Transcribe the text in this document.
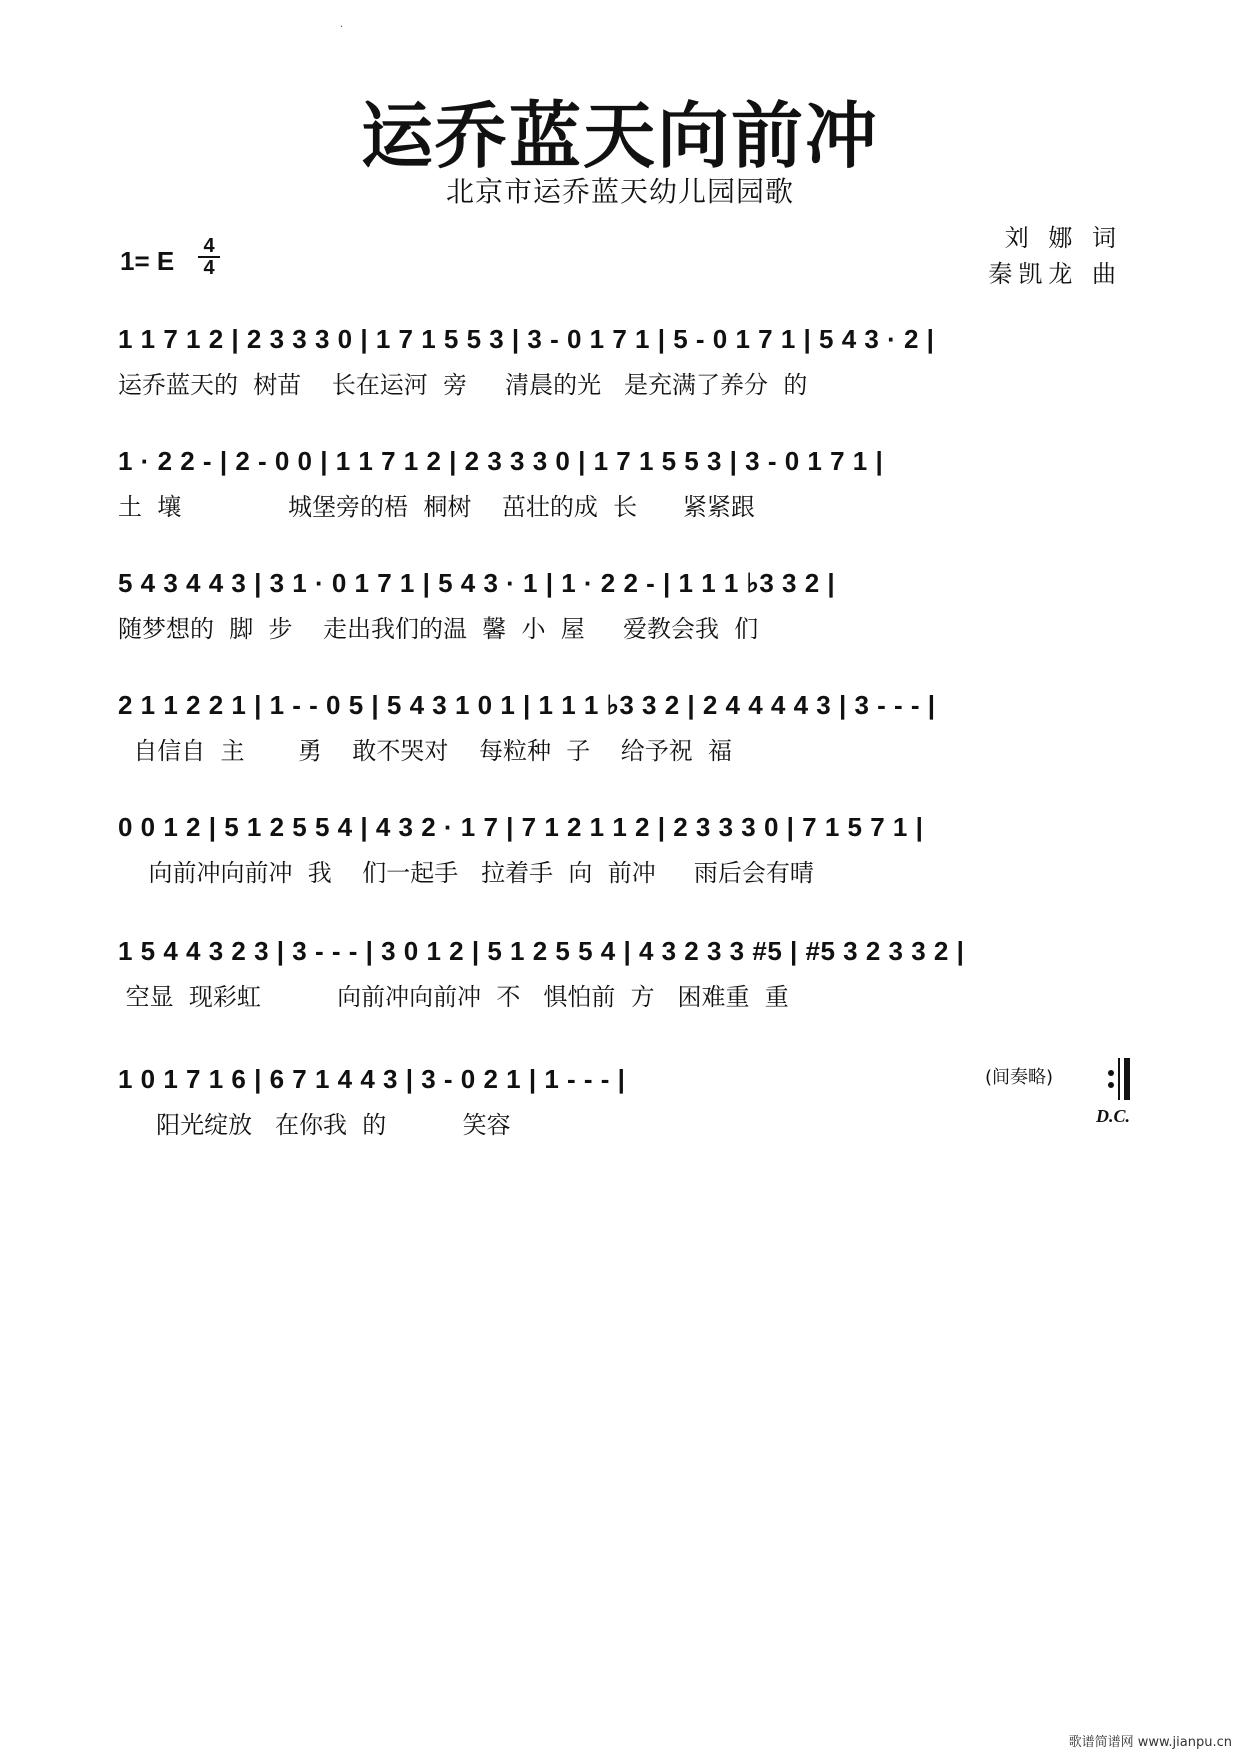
·
运乔蓝天向前冲
北京市运乔蓝天幼儿园园歌
刘 娜 词
秦凯龙 曲
1= E	4
4
1 1 7 1 2 | 2 3 3 3 0 | 1 7 1 5 5 3 | 3 - 0 1 7 1 | 5 - 0 1 7 1 | 5 4 3 · 2 |
运乔蓝天的  树苗    长在运河  旁     清晨的光   是充满了养分  的
1 · 2 2 - | 2 - 0 0 | 1 1 7 1 2 | 2 3 3 3 0 | 1 7 1 5 5 3 | 3 - 0 1 7 1 |
土  壤              城堡旁的梧  桐树    茁壮的成  长      紧紧跟
5 4 3 4 4 3 | 3 1 · 0 1 7 1 | 5 4 3 · 1 | 1 · 2 2 - | 1 1 1 ♭3 3 2 |
随梦想的  脚  步    走出我们的温  馨  小  屋     爱教会我  们
2 1 1 2 2 1 | 1 - - 0 5 | 5 4 3 1 0 1 | 1 1 1 ♭3 3 2 | 2 4 4 4 4 3 | 3 - - - |
自信自  主       勇    敢不哭对    每粒种  子    给予祝  福
0 0 1 2 | 5 1 2 5 5 4 | 4 3 2 · 1 7 | 7 1 2 1 1 2 | 2 3 3 3 0 | 7 1 5 7 1 |
向前冲向前冲  我    们一起手   拉着手  向  前冲     雨后会有晴
1 5 4 4 3 2 3 | 3 - - - | 3 0 1 2 | 5 1 2 5 5 4 | 4 3 2 3 3 #5 | #5 3 2 3 3 2 |
空显  现彩虹          向前冲向前冲  不   惧怕前  方   困难重  重
1 0 1 7 1 6 | 6 7 1 4 4 3 | 3 - 0 2 1 | 1 - - - |
阳光绽放   在你我  的          笑容
(间奏略)
D.C.
歌谱简谱网 www.jianpu.cn
